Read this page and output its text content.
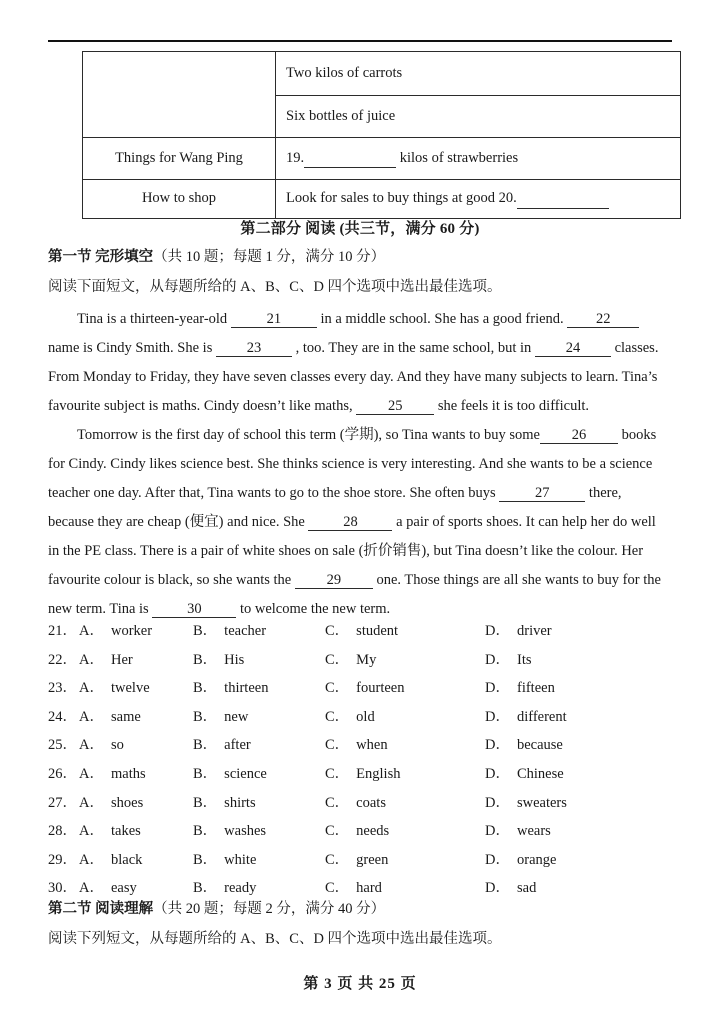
	Two kilos of carrots
	Six bottles of juice
Things for Wang Ping	19. kilos of strawberries
How to shop	Look for sales to buy things at good 20.
第二部分 阅读 (共三节，满分 60 分)
第一节 完形填空（共 10 题；每题 1 分，满分 10 分）
阅读下面短文，从每题所给的 A、B、C、D 四个选项中选出最佳选项。
　　Tina is a thirteen-year-old	21	in a middle school. She has a good friend. 22
name is Cindy Smith. She is 23 , too. They are in the same school, but in 24 classes.
From Monday to Friday, they have seven classes every day. And they have many subjects to learn. Tina’s
favourite subject is maths. Cindy doesn’t like maths, 25 she feels it is too difficult.
　　Tomorrow is the first day of school this term (学期), so Tina wants to buy some 26 books
for Cindy. Cindy likes science best. She thinks science is very interesting. And she wants to be a science
teacher one day. After that, Tina wants to go to the shoe store. She often buys	27	there,
because they are cheap (便宜) and nice. She	28	a pair of sports shoes. It can help her do well
in the PE class. There is a pair of white shoes on sale (折价销售), but Tina doesn’t like the colour. Her
favourite colour is black, so she wants the 29 one. Those things are all she wants to buy for the
new term. Tina is	30	to welcome the new term.
21． A． worker	B． teacher	C． student	D． driver
22． A． Her	B． His	C． My	D． Its
23． A． twelve	B． thirteen	C． fourteen	D． fifteen
24． A． same	B． new	C． old	D． different
25． A． so	B． after	C． when	D． because
26． A． maths	B． science	C． English	D． Chinese
27． A． shoes	B． shirts	C． coats	D． sweaters
28． A． takes	B． washes	C． needs	D． wears
29． A． black	B． white	C． green	D． orange
30． A． easy	B． ready	C． hard	D． sad
第二节 阅读理解（共 20 题；每题 2 分，满分 40 分）
阅读下列短文，从每题所给的 A、B、C、D 四个选项中选出最佳选项。
第 3 页 共 25 页
